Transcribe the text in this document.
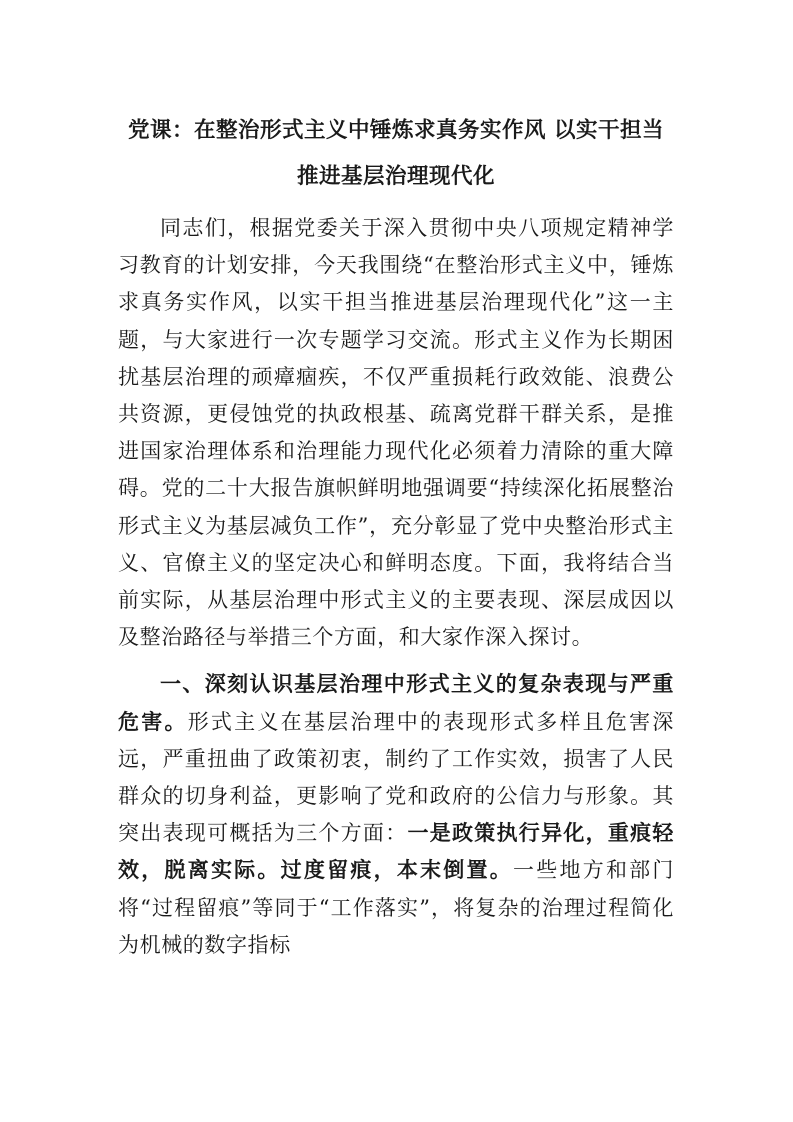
党课：在整治形式主义中锤炼求真务实作风 以实干担当推进基层治理现代化

同志们，根据党委关于深入贯彻中央八项规定精神学习教育的计划安排，今天我围绕“在整治形式主义中，锤炼求真务实作风，以实干担当推进基层治理现代化”这一主题，与大家进行一次专题学习交流。形式主义作为长期困扰基层治理的顽瘴痼疾，不仅严重损耗行政效能、浪费公共资源，更侵蚀党的执政根基、疏离党群干群关系，是推进国家治理体系和治理能力现代化必须着力清除的重大障碍。党的二十大报告旗帜鲜明地强调要“持续深化拓展整治形式主义为基层减负工作”，充分彰显了党中央整治形式主义、官僚主义的坚定决心和鲜明态度。下面，我将结合当前实际，从基层治理中形式主义的主要表现、深层成因以及整治路径与举措三个方面，和大家作深入探讨。

一、深刻认识基层治理中形式主义的复杂表现与严重危害。形式主义在基层治理中的表现形式多样且危害深远，严重扭曲了政策初衷，制约了工作实效，损害了人民群众的切身利益，更影响了党和政府的公信力与形象。其突出表现可概括为三个方面：一是政策执行异化，重痕轻效，脱离实际。过度留痕，本末倒置。一些地方和部门将“过程留痕”等同于“工作落实”，将复杂的治理过程简化为机械的数字指标
